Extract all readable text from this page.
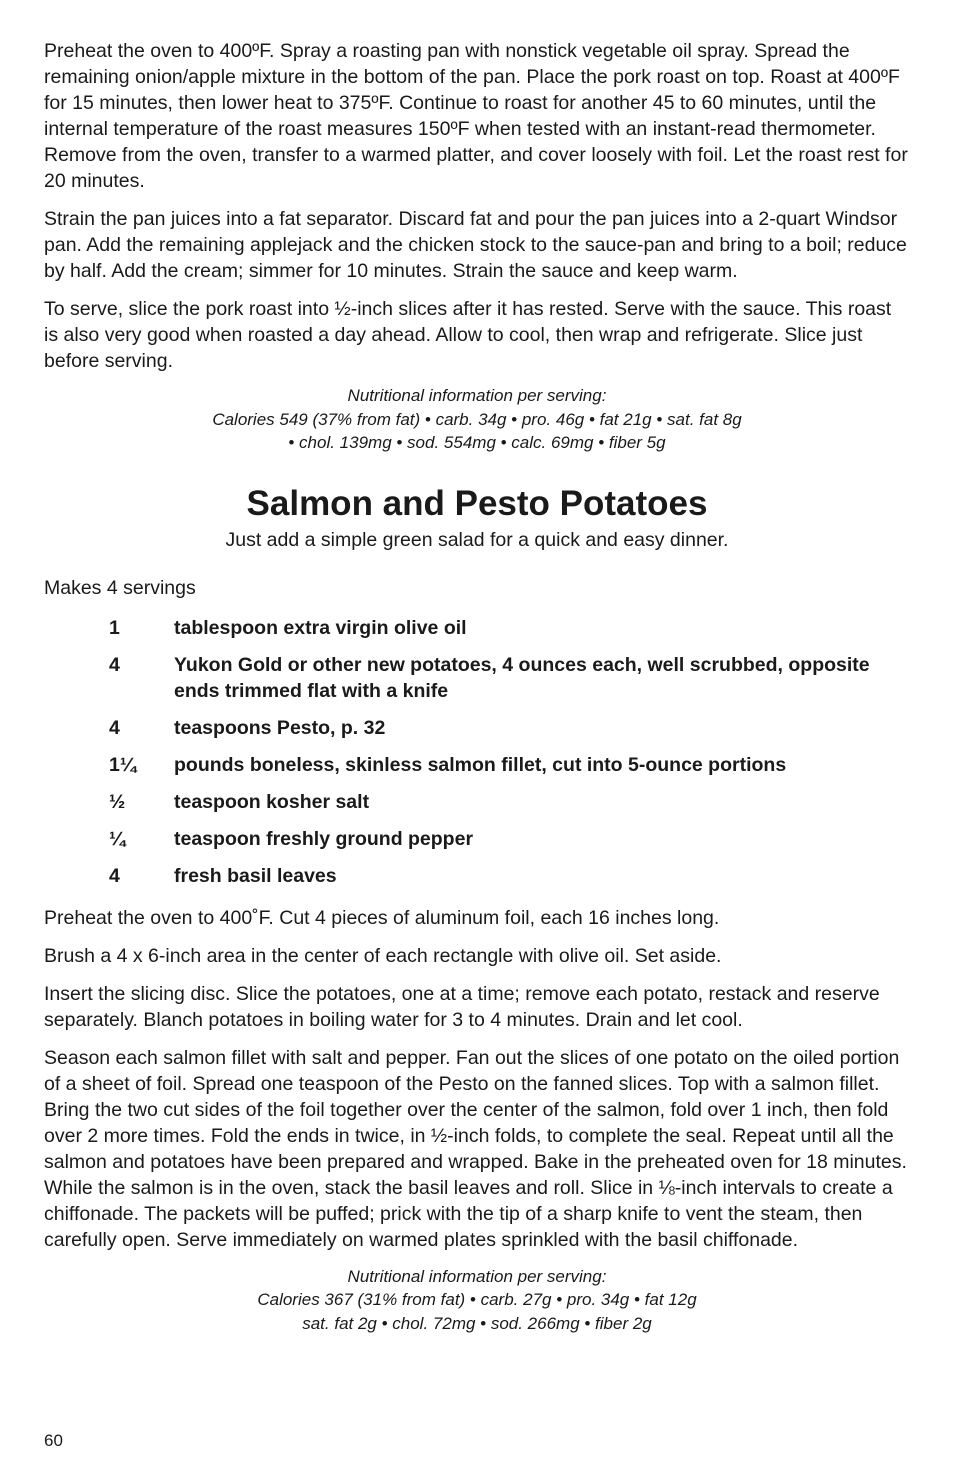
Preheat the oven to 400ºF. Spray a roasting pan with nonstick vegetable oil spray. Spread the remaining onion/apple mixture in the bottom of the pan. Place the pork roast on top. Roast at 400ºF for 15 minutes, then lower heat to 375ºF. Continue to roast for another 45 to 60 minutes, until the internal temperature of the roast measures 150ºF when tested with an instant-read thermometer. Remove from the oven, transfer to a warmed platter, and cover loosely with foil. Let the roast rest for 20 minutes.

Strain the pan juices into a fat separator. Discard fat and pour the pan juices into a 2-quart Windsor pan. Add the remaining applejack and the chicken stock to the sauce-pan and bring to a boil; reduce by half. Add the cream; simmer for 10 minutes. Strain the sauce and keep warm.

To serve, slice the pork roast into ½-inch slices after it has rested. Serve with the sauce. This roast is also very good when roasted a day ahead. Allow to cool, then wrap and refrigerate. Slice just before serving.

Nutritional information per serving:

Calories 549 (37% from fat) • carb. 34g • pro. 46g • fat 21g • sat. fat 8g

• chol. 139mg • sod. 554mg • calc. 69mg • fiber 5g

Salmon and Pesto Potatoes

Just add a simple green salad for a quick and easy dinner.

Makes 4 servings

1	tablespoon extra virgin olive oil
4	Yukon Gold or other new potatoes, 4 ounces each, well scrubbed, opposite ends trimmed flat with a knife
4	teaspoons Pesto, p. 32
1¼	pounds boneless, skinless salmon fillet, cut into 5-ounce portions
½	teaspoon kosher salt
¼	teaspoon freshly ground pepper
4	fresh basil leaves

Preheat the oven to 400˚F. Cut 4 pieces of aluminum foil, each 16 inches long.

Brush a 4 x 6-inch area in the center of each rectangle with olive oil. Set aside.

Insert the slicing disc. Slice the potatoes, one at a time; remove each potato, restack and reserve separately. Blanch potatoes in boiling water for 3 to 4 minutes. Drain and let cool.

Season each salmon fillet with salt and pepper. Fan out the slices of one potato on the oiled portion of a sheet of foil. Spread one teaspoon of the Pesto on the fanned slices. Top with a salmon fillet. Bring the two cut sides of the foil together over the center of the salmon, fold over 1 inch, then fold over 2 more times. Fold the ends in twice, in ½-inch folds, to complete the seal. Repeat until all the salmon and potatoes have been prepared and wrapped. Bake in the preheated oven for 18 minutes. While the salmon is in the oven, stack the basil leaves and roll. Slice in ⅛-inch intervals to create a chiffonade. The packets will be puffed; prick with the tip of a sharp knife to vent the steam, then carefully open. Serve immediately on warmed plates sprinkled with the basil chiffonade.

Nutritional information per serving:

Calories 367 (31% from fat) • carb. 27g • pro. 34g • fat 12g

sat. fat 2g • chol. 72mg • sod. 266mg • fiber 2g

60
